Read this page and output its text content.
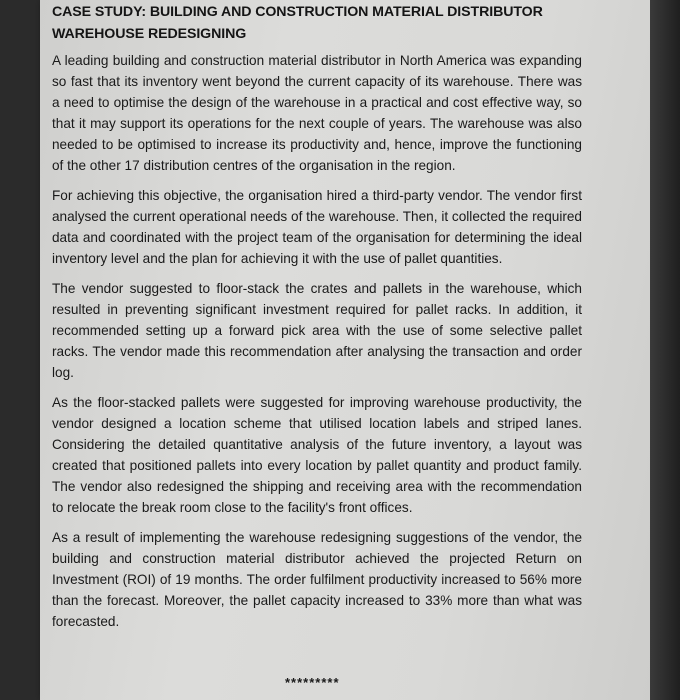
CASE STUDY: BUILDING AND CONSTRUCTION MATERIAL DISTRIBUTOR
WAREHOUSE REDESIGNING

A leading building and construction material distributor in North America was expanding so fast that its inventory went beyond the current capacity of its warehouse. There was a need to optimise the design of the warehouse in a practical and cost effective way, so that it may support its operations for the next couple of years. The warehouse was also needed to be optimised to increase its productivity and, hence, improve the functioning of the other 17 distribution centres of the organisation in the region.

For achieving this objective, the organisation hired a third-party vendor. The vendor first analysed the current operational needs of the warehouse. Then, it collected the required data and coordinated with the project team of the organisation for determining the ideal inventory level and the plan for achieving it with the use of pallet quantities.

The vendor suggested to floor-stack the crates and pallets in the warehouse, which resulted in preventing significant investment required for pallet racks. In addition, it recommended setting up a forward pick area with the use of some selective pallet racks. The vendor made this recommendation after analysing the transaction and order log.

As the floor-stacked pallets were suggested for improving warehouse productivity, the vendor designed a location scheme that utilised location labels and striped lanes. Considering the detailed quantitative analysis of the future inventory, a layout was created that positioned pallets into every location by pallet quantity and product family. The vendor also redesigned the shipping and receiving area with the recommendation to relocate the break room close to the facility's front offices.

As a result of implementing the warehouse redesigning suggestions of the vendor, the building and construction material distributor achieved the projected Return on Investment (ROI) of 19 months. The order fulfilment productivity increased to 56% more than the forecast. Moreover, the pallet capacity increased to 33% more than what was forecasted.

*********
